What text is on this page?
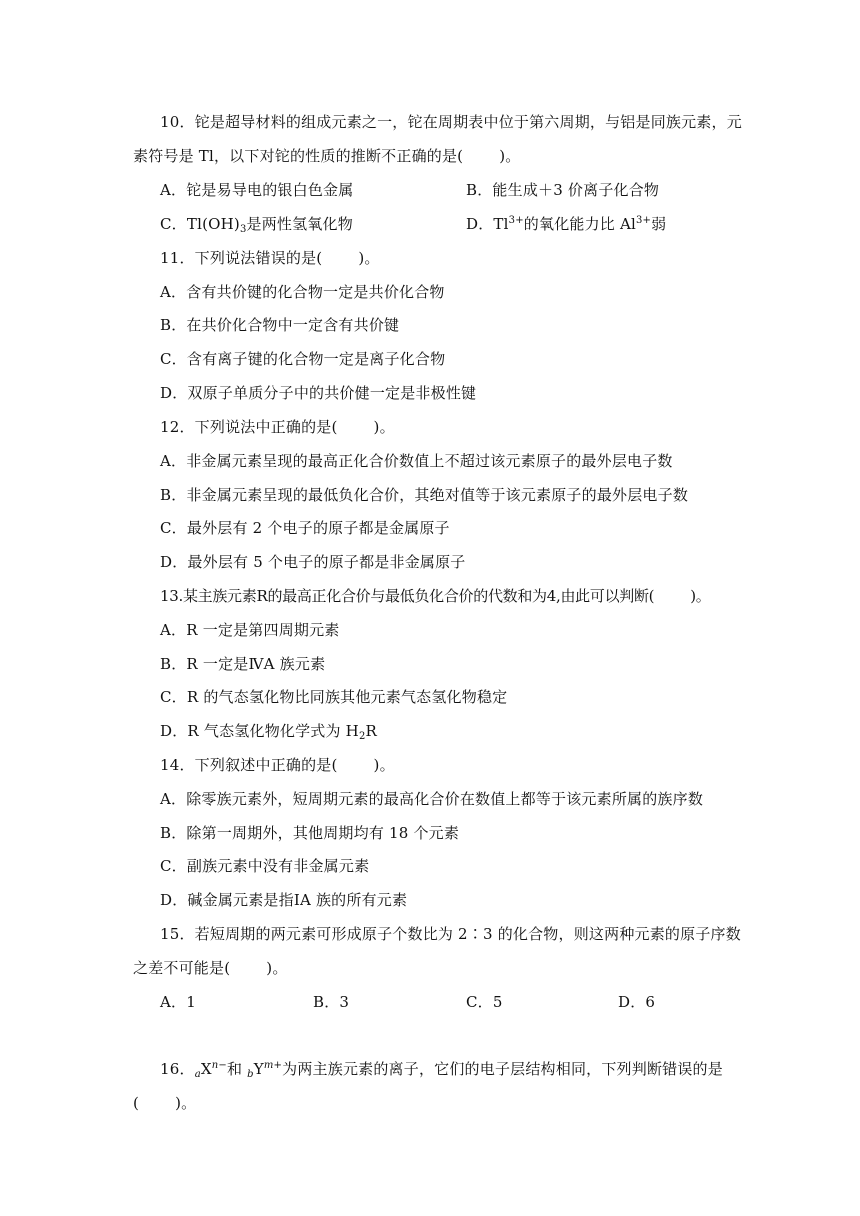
10．铊是超导材料的组成元素之一，铊在周期表中位于第六周期，与铝是同族元素，元
素符号是 Tl，以下对铊的性质的推断不正确的是( )。
A．铊是易导电的银白色金属	B．能生成＋3 价离子化合物
C．$Tl(OH)_3$是两性氢氧化物	D．$Tl^{3+}$的氧化能力比 $Al^{3+}$弱
11．下列说法错误的是( )。
A．含有共价键的化合物一定是共价化合物
B．在共价化合物中一定含有共价键
C．含有离子键的化合物一定是离子化合物
D．双原子单质分子中的共价健一定是非极性键
12．下列说法中正确的是( )。
A．非金属元素呈现的最高正化合价数值上不超过该元素原子的最外层电子数
B．非金属元素呈现的最低负化合价，其绝对值等于该元素原子的最外层电子数
C．最外层有 2 个电子的原子都是金属原子
D．最外层有 5 个电子的原子都是非金属原子
13.某主族元素R的最高正化合价与最低负化合价的代数和为4,由此可以判断( )。
A．R 一定是第四周期元素
B．R 一定是ⅣA 族元素
C．R 的气态氢化物比同族其他元素气态氢化物稳定
D．R 气态氢化物化学式为 $H_2R$
14．下列叙述中正确的是( )。
A．除零族元素外，短周期元素的最高化合价在数值上都等于该元素所属的族序数
B．除第一周期外，其他周期均有 18 个元素
C．副族元素中没有非金属元素
D．碱金属元素是指ⅠA 族的所有元素
15．若短周期的两元素可形成原子个数比为 2∶3 的化合物，则这两种元素的原子序数
之差不可能是( )。
A．1	B．3	C．5	D．6
16．$_aX^{n-}$和 $_bY^{m+}$为两主族元素的离子，它们的电子层结构相同，下列判断错误的是
( )。
